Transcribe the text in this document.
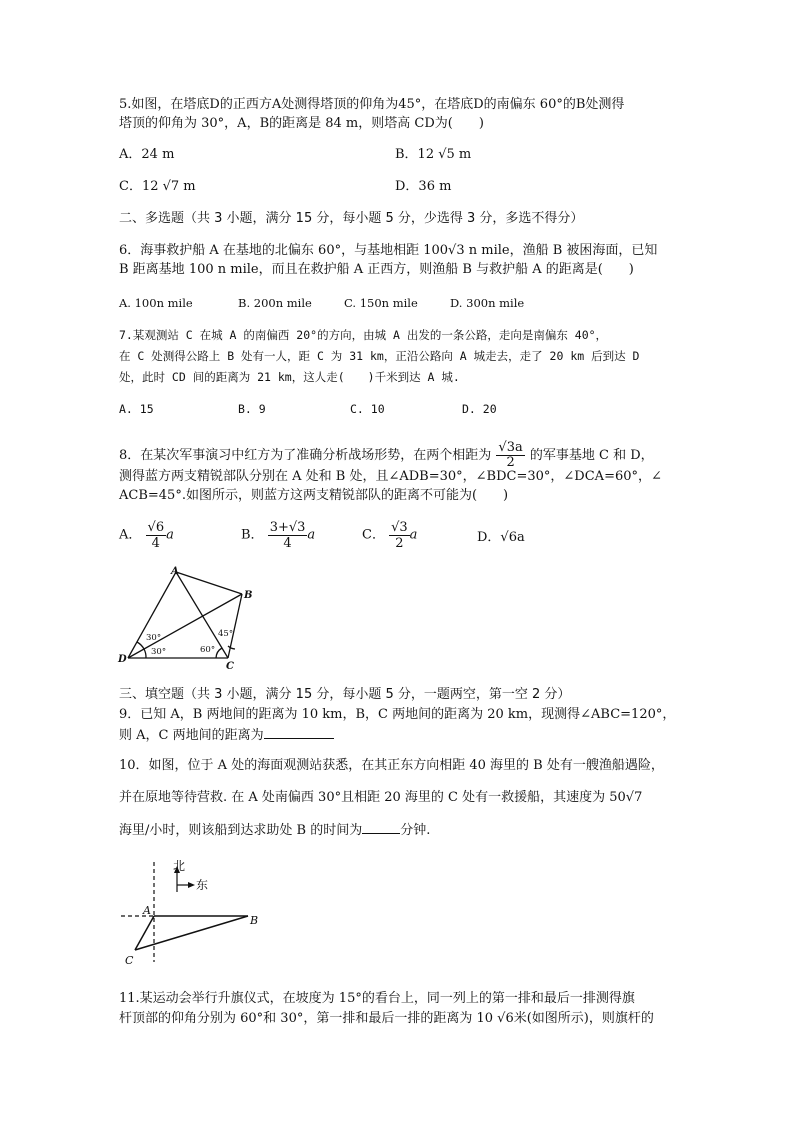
5.如图，在塔底D的正西方A处测得塔顶的仰角为45°，在塔底D的南偏东 60°的B处测得
塔顶的仰角为 30°，A，B的距离是 84 m，则塔高 CD为(　　)
A．24 m	B．12 √5 m
C．12 √7 m	D．36 m
二、多选题（共 3 小题，满分 15 分，每小题 5 分，少选得 3 分，多选不得分）
6．海事救护船 A 在基地的北偏东 60°，与基地相距 100√3 n mile，渔船 B 被困海面，已知
B 距离基地 100 n mile，而且在救护船 A 正西方，则渔船 B 与救护船 A 的距离是(　　)
A. 100n mile	B. 200n mile	C. 150n mile	D. 300n mile
7.某观测站 C 在城 A 的南偏西 20°的方向，由城 A 出发的一条公路，走向是南偏东 40°，
在 C 处测得公路上 B 处有一人，距 C 为 31 km，正沿公路向 A 城走去，走了 20 km 后到达 D
处，此时 CD 间的距离为 21 km，这人走(　　)千米到达 A 城.
A. 15	B. 9	C. 10	D. 20
8．在某次军事演习中红方为了准确分析战场形势，在两个相距为 $\frac{√3a}{2}$ 的军事基地 C 和 D，
测得蓝方两支精锐部队分别在 A 处和 B 处，且∠ADB=30°，∠BDC=30°，∠DCA=60°，∠
ACB=45°.如图所示，则蓝方这两支精锐部队的距离不可能为(　　)
A． $\frac{√6}{4}$ a	B． $\frac{3+√3}{4}$ a	C． $\frac{√3}{2}$ a	D．√6a
A
B
C
D
30°
30°	60°
45°
三、填空题（共 3 小题，满分 15 分，每小题 5 分，一题两空，第一空 2 分）
9．已知 A，B 两地间的距离为 10 km，B，C 两地间的距离为 20 km，现测得∠ABC=120°，
则 A，C 两地间的距离为
10．如图，位于 A 处的海面观测站获悉，在其正东方向相距 40 海里的 B 处有一艘渔船遇险，
并在原地等待营救. 在 A 处南偏西 30°且相距 20 海里的 C 处有一救援船，其速度为 50√7
海里/小时，则该船到达求助处 B 的时间为	分钟.
北
东
A
B
C
11.某运动会举行升旗仪式，在坡度为 15°的看台上，同一列上的第一排和最后一排测得旗
杆顶部的仰角分别为 60°和 30°，第一排和最后一排的距离为 10 √6米(如图所示)，则旗杆的
